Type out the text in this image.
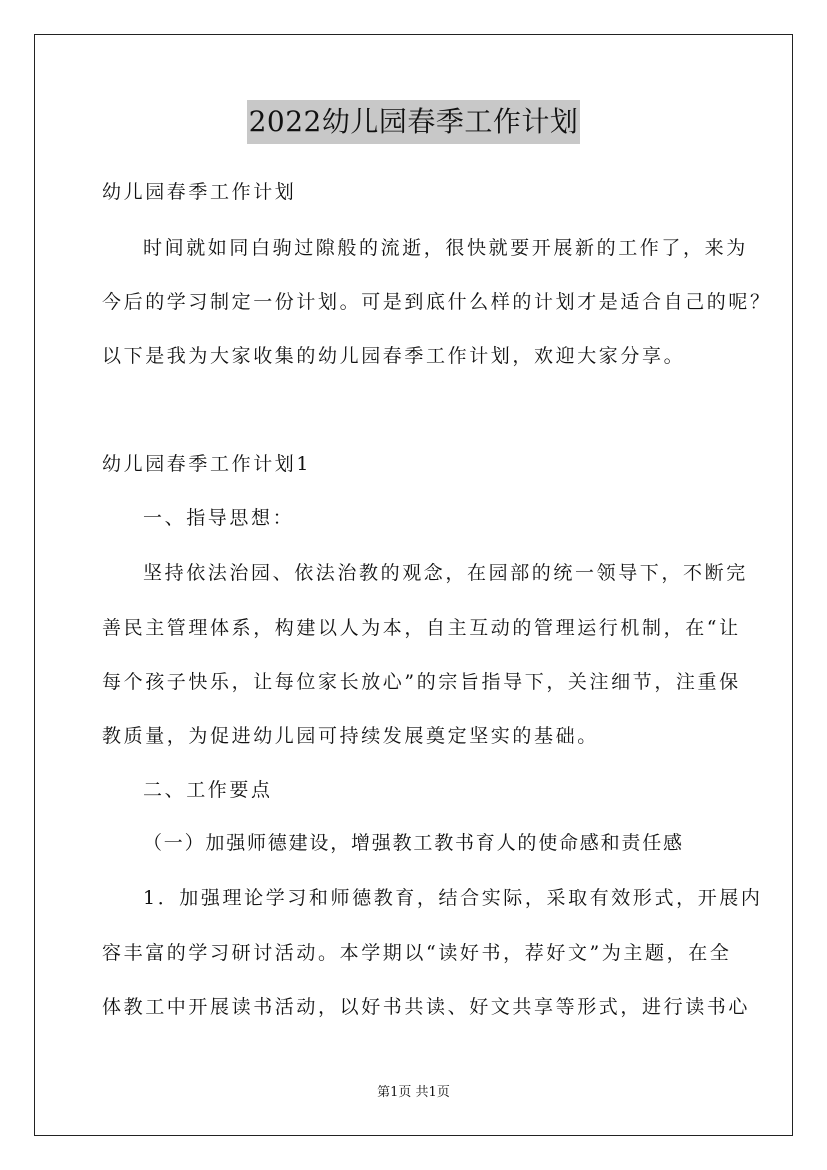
2022幼儿园春季工作计划
幼儿园春季工作计划
时间就如同白驹过隙般的流逝，很快就要开展新的工作了，来为
今后的学习制定一份计划。可是到底什么样的计划才是适合自己的呢？
以下是我为大家收集的幼儿园春季工作计划，欢迎大家分享。
幼儿园春季工作计划1
一、指导思想：
坚持依法治园、依法治教的观念，在园部的统一领导下，不断完
善民主管理体系，构建以人为本，自主互动的管理运行机制，在“让
每个孩子快乐，让每位家长放心”的宗旨指导下，关注细节，注重保
教质量，为促进幼儿园可持续发展奠定坚实的基础。
二、工作要点
（一）加强师德建设，增强教工教书育人的使命感和责任感
1．加强理论学习和师德教育，结合实际，采取有效形式，开展内
容丰富的学习研讨活动。本学期以“读好书，荐好文”为主题，在全
体教工中开展读书活动，以好书共读、好文共享等形式，进行读书心
第1页 共1页
